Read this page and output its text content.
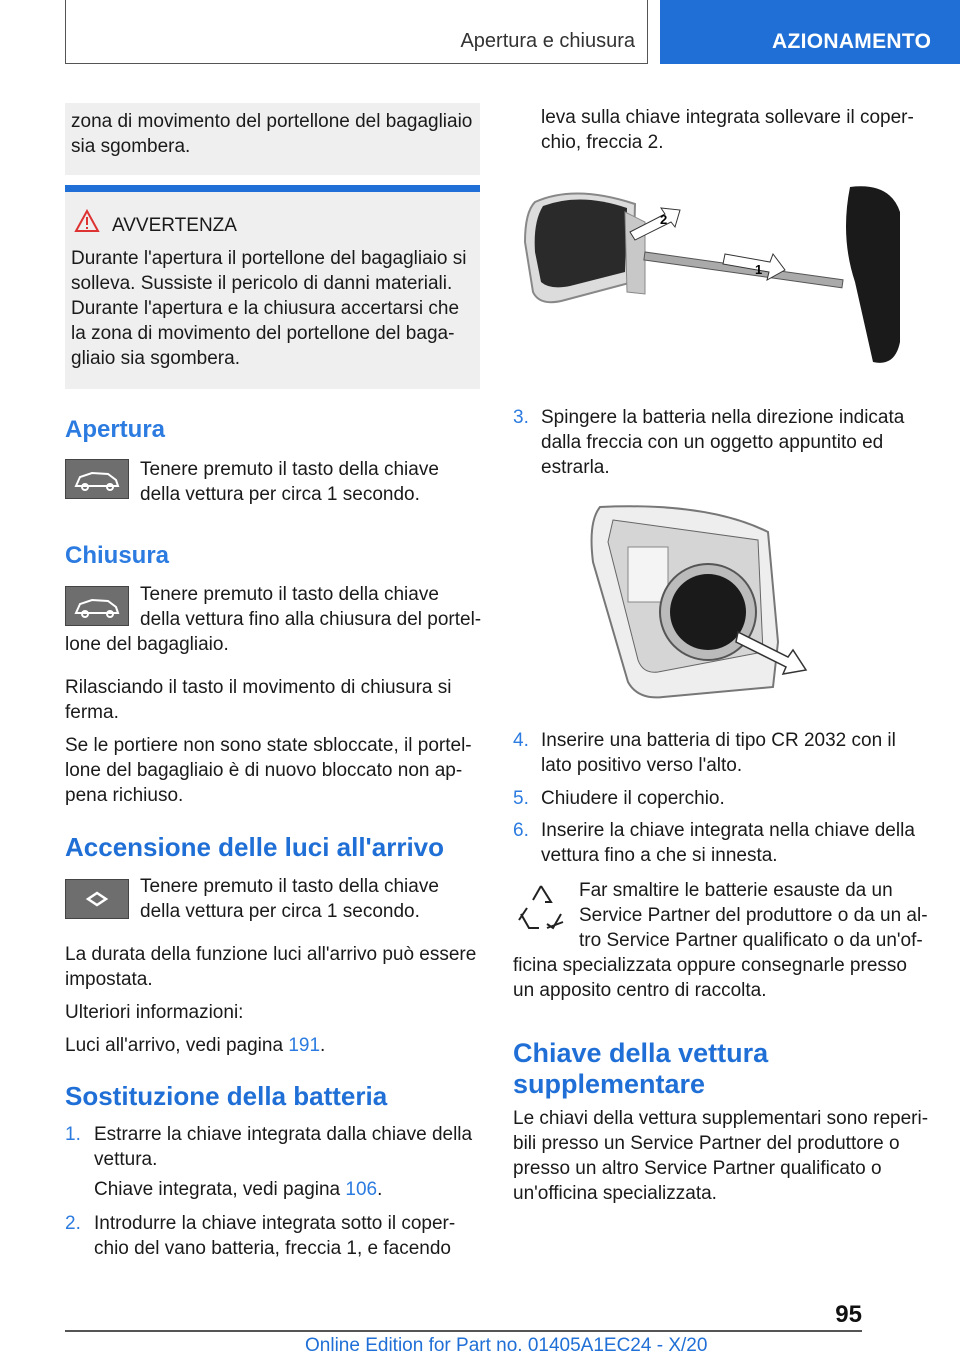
Apertura e chiusura	AZIONAMENTO

zona di movimento del portellone del bagagliaio sia sgombera.

AVVERTENZA

Durante l'apertura il portellone del bagagliaio si

solleva. Sussiste il pericolo di danni materiali.

Durante l'apertura e la chiusura accertarsi che

la zona di movimento del portellone del baga-

gliaio sia sgombera.

Apertura

Tenere premuto il tasto della chiave

della vettura per circa 1 secondo.

Chiusura

Tenere premuto il tasto della chiave

della vettura fino alla chiusura del portel-

lone del bagagliaio.

Rilasciando il tasto il movimento di chiusura si

ferma.

Se le portiere non sono state sbloccate, il portel-

lone del bagagliaio è di nuovo bloccato non ap-

pena richiuso.

Accensione delle luci all'arrivo

Tenere premuto il tasto della chiave

della vettura per circa 1 secondo.

La durata della funzione luci all'arrivo può essere

impostata.

Ulteriori informazioni:

Luci all'arrivo, vedi pagina 191.

Sostituzione della batteria

1. Estrarre la chiave integrata dalla chiave della

vettura.

Chiave integrata, vedi pagina 106.

2. Introdurre la chiave integrata sotto il coper-

chio del vano batteria, freccia 1, e facendo

leva sulla chiave integrata sollevare il coper-

chio, freccia 2.

1
2

3. Spingere la batteria nella direzione indicata

dalla freccia con un oggetto appuntito ed

estrarla.

4. Inserire una batteria di tipo CR 2032 con il

lato positivo verso l'alto.

5. Chiudere il coperchio.

6. Inserire la chiave integrata nella chiave della

vettura fino a che si innesta.

Far smaltire le batterie esauste da un

Service Partner del produttore o da un al-

tro Service Partner qualificato o da un'of-

ficina specializzata oppure consegnarle presso

un apposito centro di raccolta.

Chiave della vettura
supplementare

Le chiavi della vettura supplementari sono reperi-

bili presso un Service Partner del produttore o

presso un altro Service Partner qualificato o

un'officina specializzata.

95
Online Edition for Part no. 01405A1EC24 - X/20
